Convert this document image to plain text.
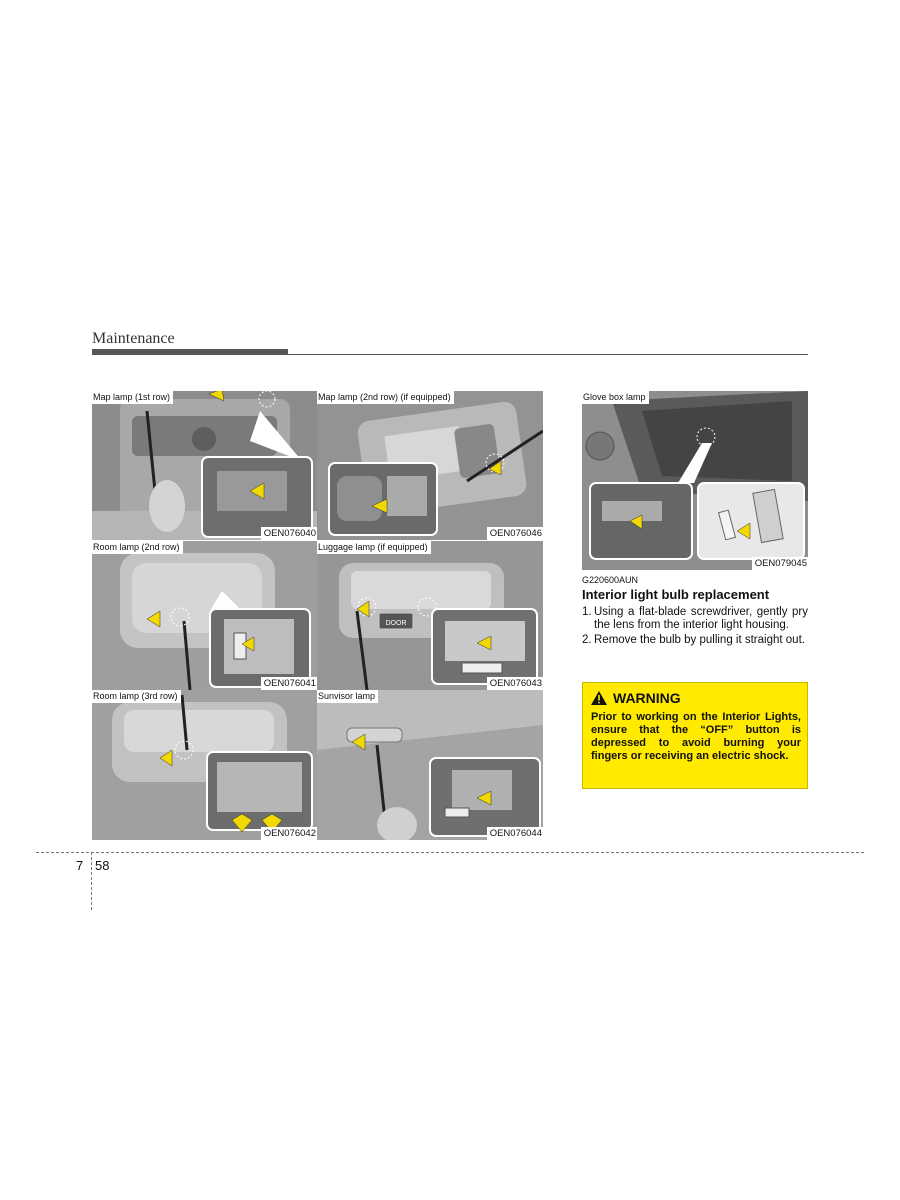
Maintenance
Map lamp (1st row)
OEN076040
Map lamp (2nd row) (if equipped)
OEN076046
Room lamp (2nd row)
OEN076041
DOOR
Luggage lamp (if equipped)
OEN076043
Room lamp (3rd row)
OEN076042
Sunvisor lamp
OEN076044
Glove box lamp
OEN079045
G220600AUN
Interior light bulb replacement
1. Using a flat-blade screwdriver, gently pry the lens from the interior light housing.
2. Remove the bulb by pulling it straight out.
WARNING
Prior to working on the Interior Lights, ensure that the “OFF” button is depressed to avoid burning your fingers or receiving an electric shock.
7 58
